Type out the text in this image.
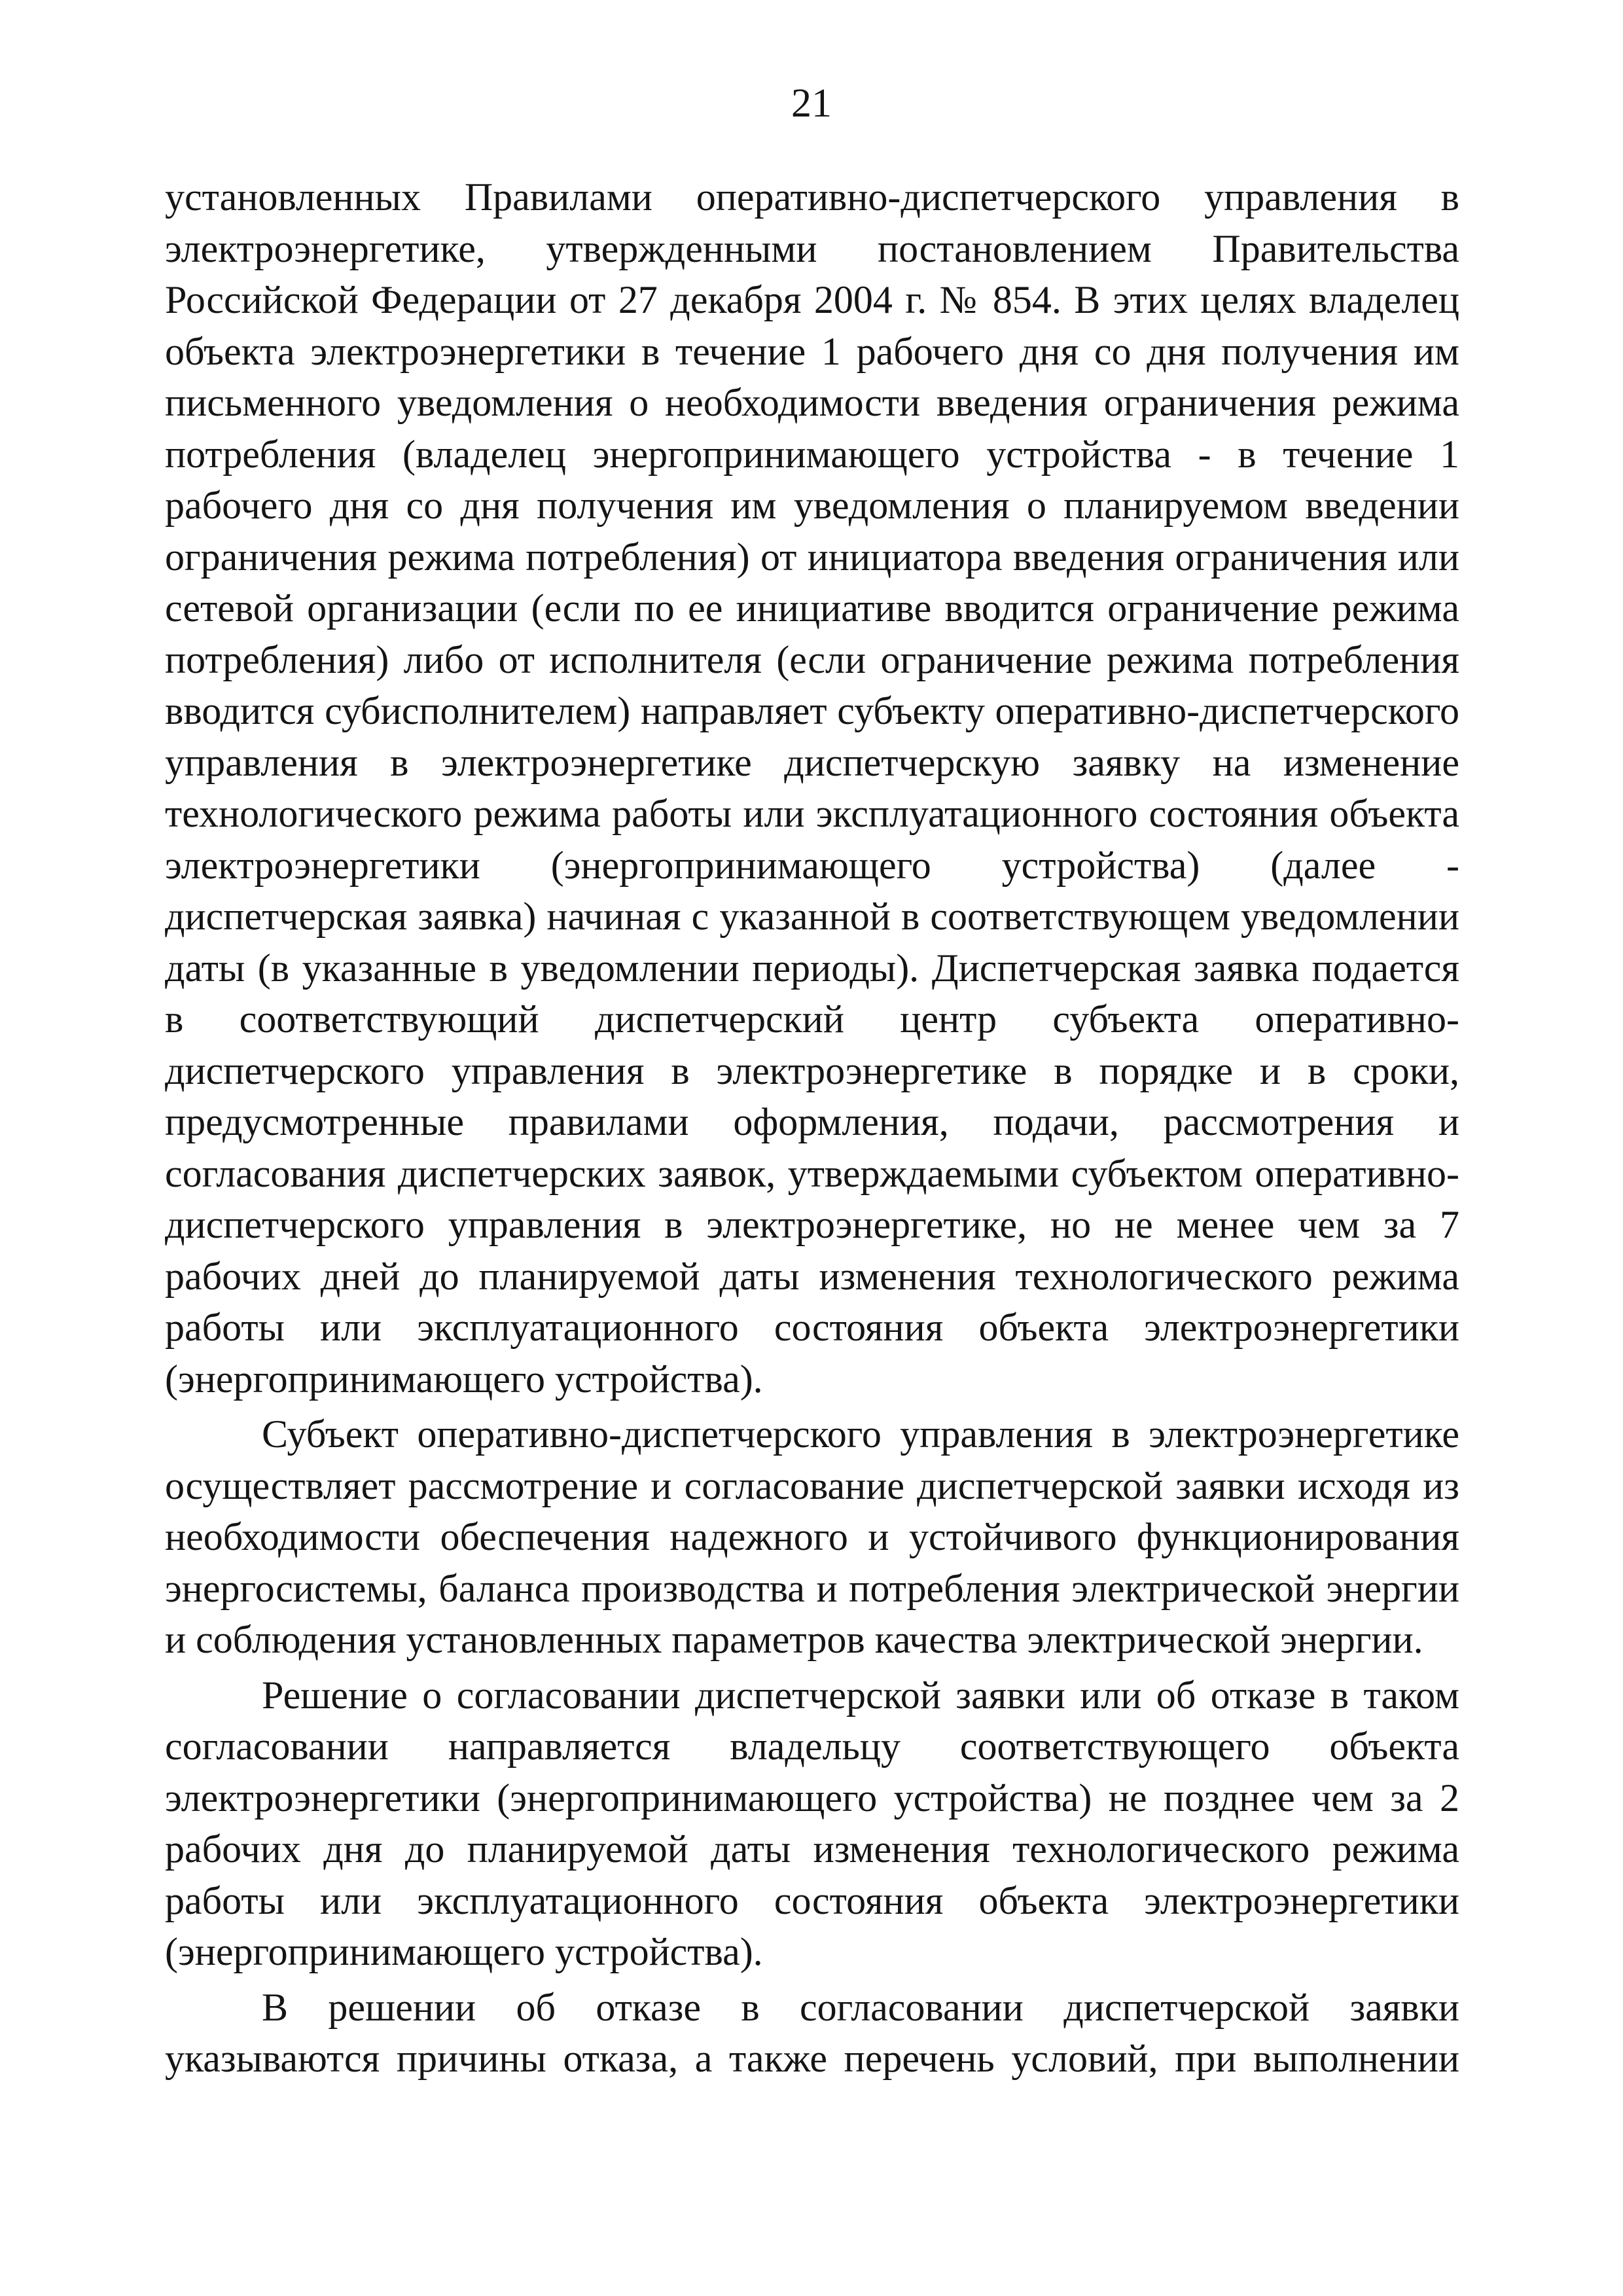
21

установленных Правилами оперативно-диспетчерского управления в электроэнергетике, утвержденными постановлением Правительства Российской Федерации от 27 декабря 2004 г. № 854. В этих целях владелец объекта электроэнергетики в течение 1 рабочего дня со дня получения им письменного уведомления о необходимости введения ограничения режима потребления (владелец энергопринимающего устройства - в течение 1 рабочего дня со дня получения им уведомления о планируемом введении ограничения режима потребления) от инициатора введения ограничения или сетевой организации (если по ее инициативе вводится ограничение режима потребления) либо от исполнителя (если ограничение режима потребления вводится субисполнителем) направляет субъекту оперативно-диспетчерского управления в электроэнергетике диспетчерскую заявку на изменение технологического режима работы или эксплуатационного состояния объекта электроэнергетики (энергопринимающего устройства) (далее - диспетчерская заявка) начиная с указанной в соответствующем уведомлении даты (в указанные в уведомлении периоды). Диспетчерская заявка подается в соответствующий диспетчерский центр субъекта оперативно-диспетчерского управления в электроэнергетике в порядке и в сроки, предусмотренные правилами оформления, подачи, рассмотрения и согласования диспетчерских заявок, утверждаемыми субъектом оперативно-диспетчерского управления в электроэнергетике, но не менее чем за 7 рабочих дней до планируемой даты изменения технологического режима работы или эксплуатационного состояния объекта электроэнергетики (энергопринимающего устройства).

Субъект оперативно-диспетчерского управления в электроэнергетике осуществляет рассмотрение и согласование диспетчерской заявки исходя из необходимости обеспечения надежного и устойчивого функционирования энергосистемы, баланса производства и потребления электрической энергии и соблюдения установленных параметров качества электрической энергии.

Решение о согласовании диспетчерской заявки или об отказе в таком согласовании направляется владельцу соответствующего объекта электроэнергетики (энергопринимающего устройства) не позднее чем за 2 рабочих дня до планируемой даты изменения технологического режима работы или эксплуатационного состояния объекта электроэнергетики (энергопринимающего устройства).

В решении об отказе в согласовании диспетчерской заявки указываются причины отказа, а также перечень условий, при выполнении
